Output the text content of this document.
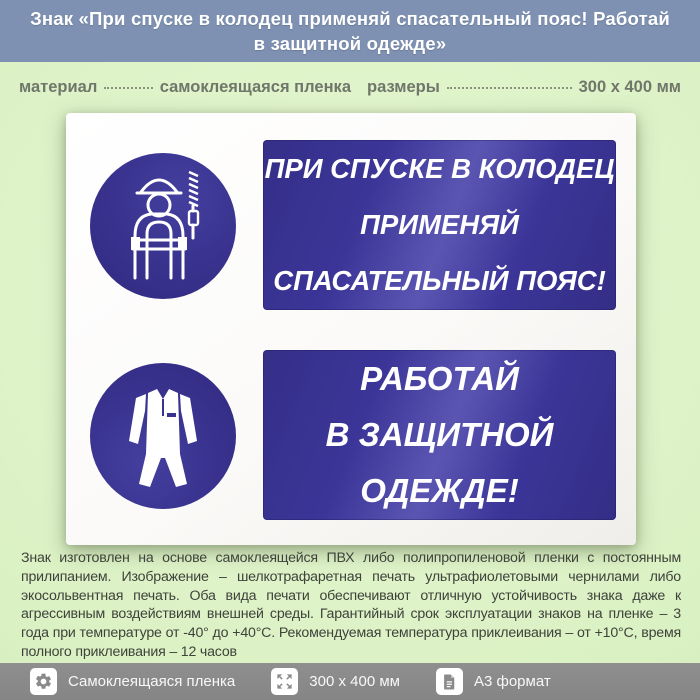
Знак «При спуске в колодец применяй спасательный пояс! Работай в защитной одежде»
материал	самоклеящаяся пленка размеры	300 х 400 мм
ПРИ СПУСКЕ В КОЛОДЕЦ
ПРИМЕНЯЙ
СПАСАТЕЛЬНЫЙ ПОЯС!
РАБОТАЙ
В ЗАЩИТНОЙ
ОДЕЖДЕ!
Знак изготовлен на основе самоклеящейся ПВХ либо полипропиленовой пленки с постоянным прилипанием. Изображение – шелкотрафаретная печать ультрафиолетовыми чернилами либо экосольвентная печать. Оба вида печати обеспечивают отличную устойчивость знака даже к агрессивным воздействиям внешней среды. Гарантийный срок эксплуатации знаков на пленке – 3 года при температуре от -40° до +40°С. Рекомендуемая температура приклеивания – от +10°С, время полного приклеивания – 12 часов
Самоклеящаяся пленка	300 х 400 мм	А3 формат
